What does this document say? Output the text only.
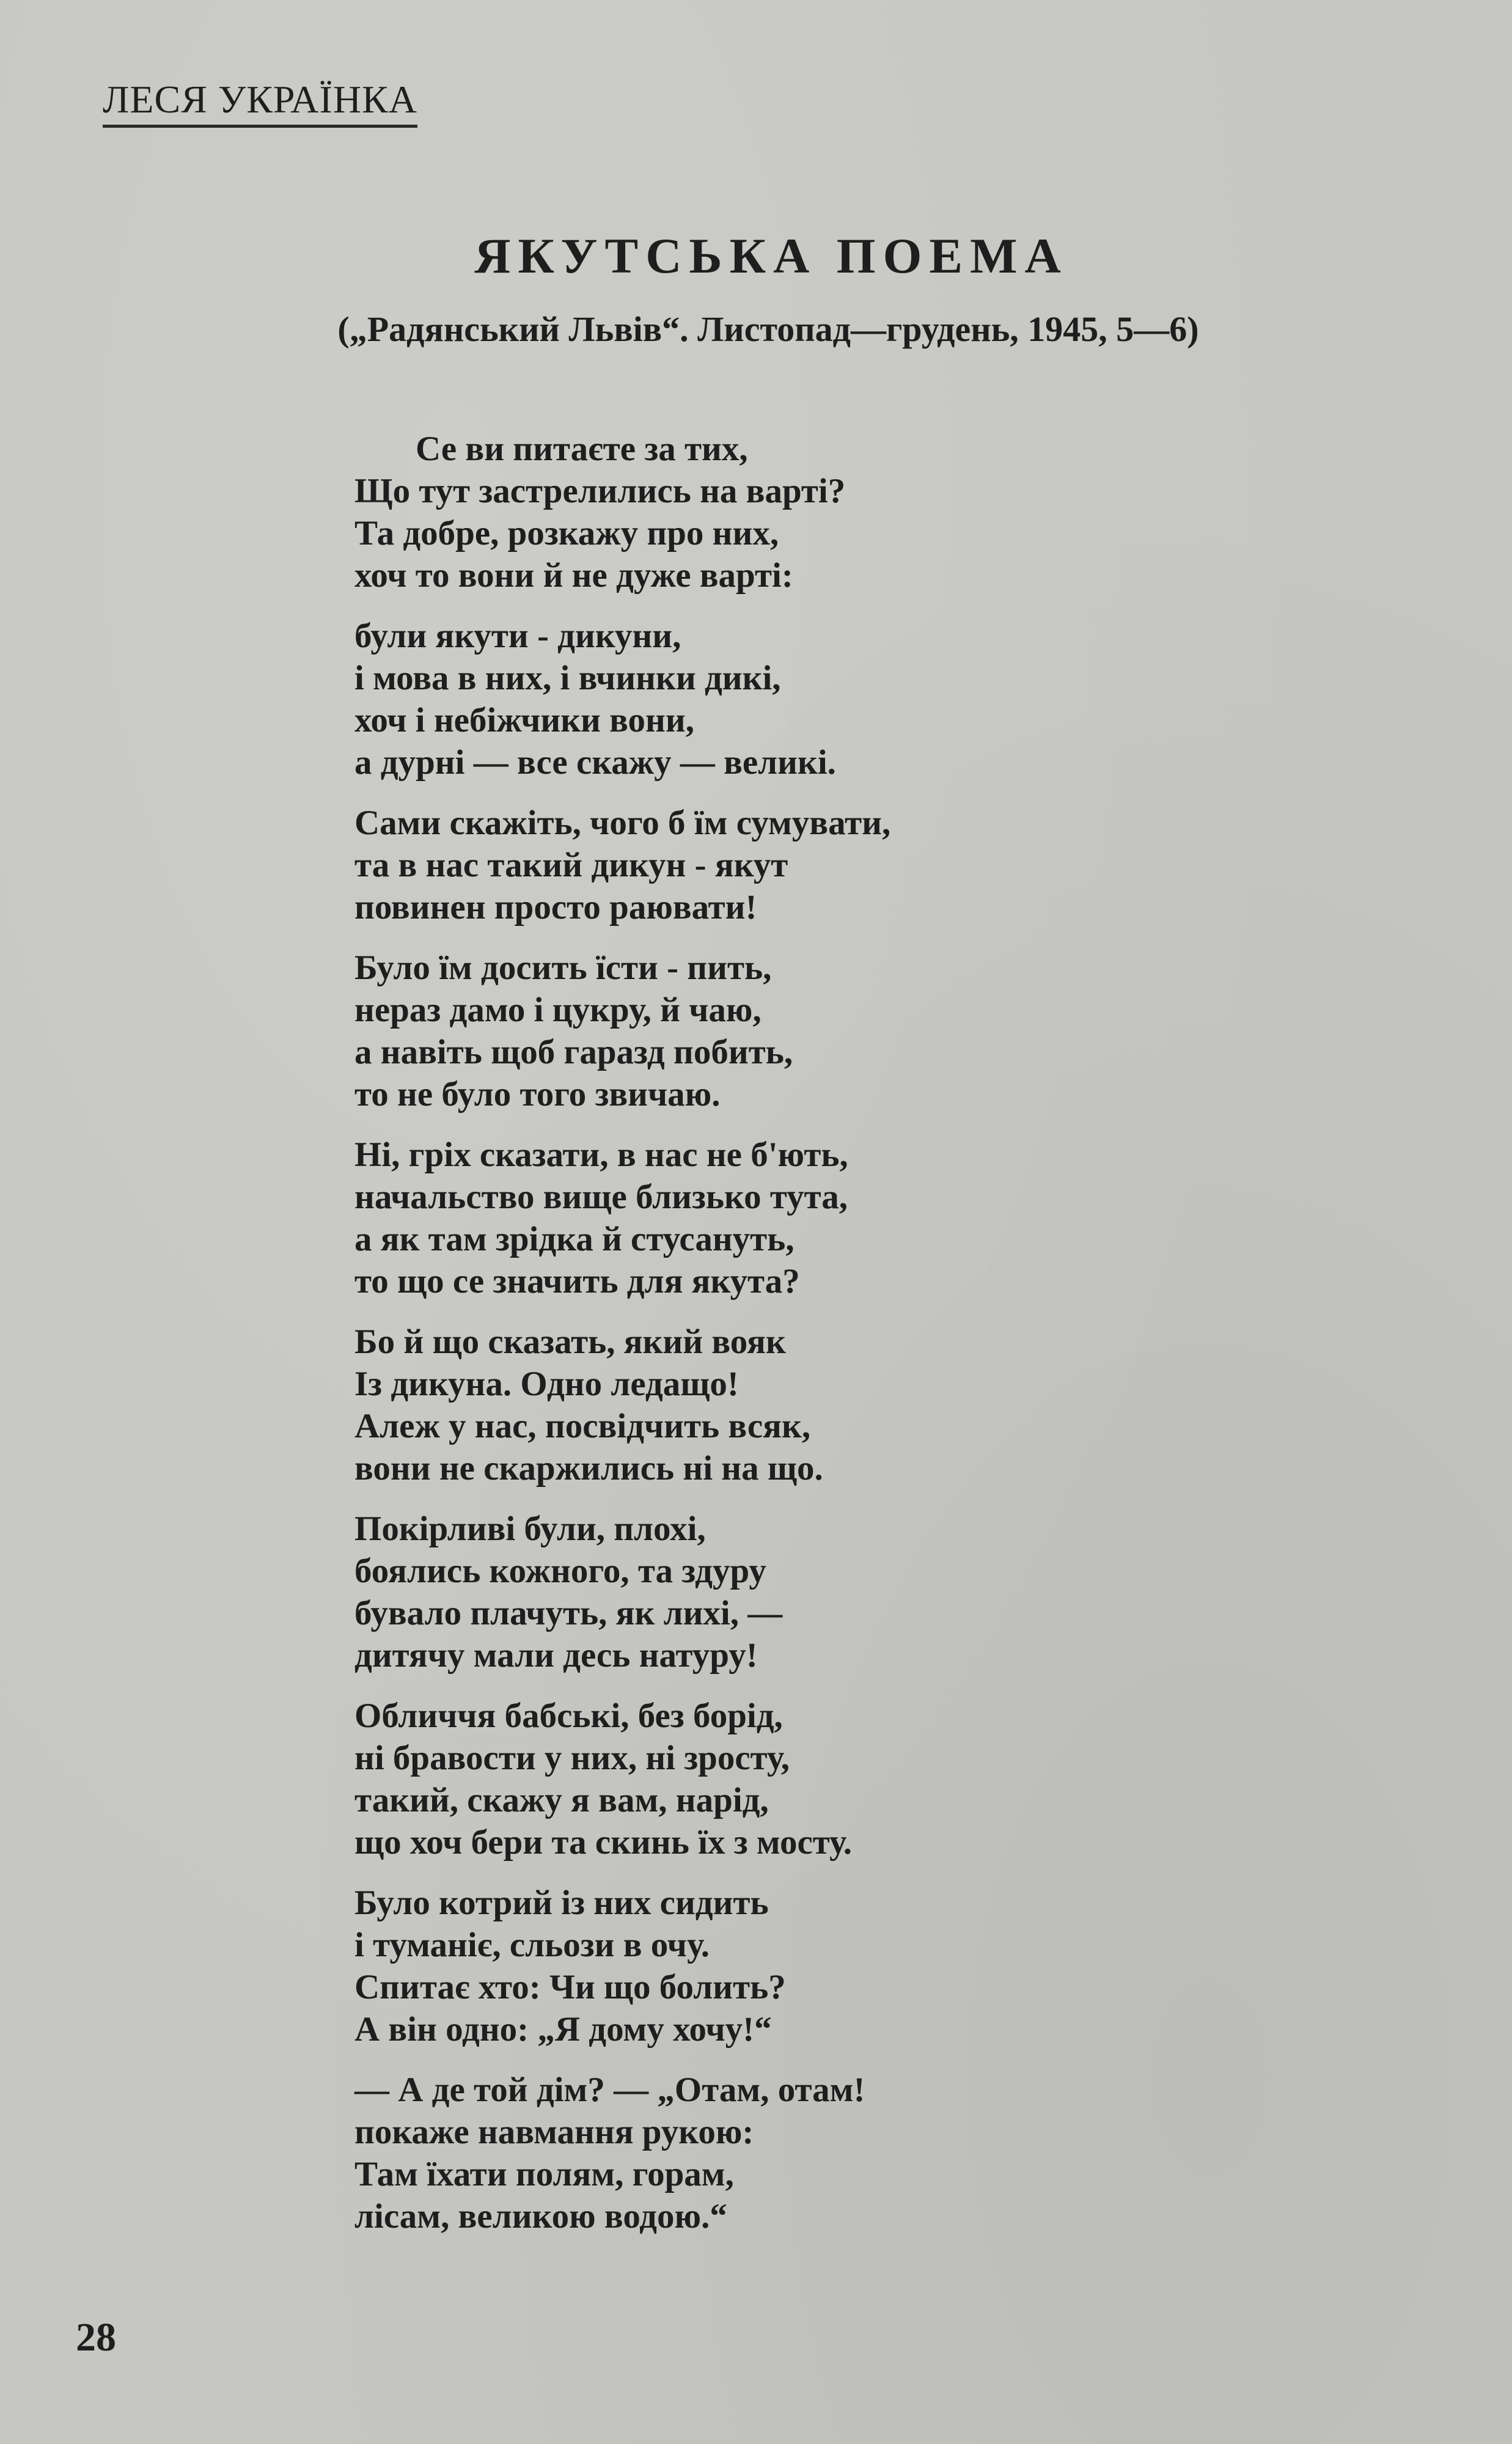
ЛЕСЯ УКРАЇНКА
ЯКУТСЬКА ПОЕМА
(„Радянський Львів“. Листопад—грудень, 1945, 5—6)
Се ви питаєте за тих,
Що тут застрелились на варті?
Та добре, розкажу про них,
хоч то вони й не дуже варті:
були якути - дикуни,
і мова в них, і вчинки дикі,
хоч і небіжчики вони,
а дурні — все скажу — великі.
Сами скажіть, чого б їм сумувати,
та в нас такий дикун - якут
повинен просто раювати!
Було їм досить їсти - пить,
нераз дамо і цукру, й чаю,
а навіть щоб гаразд побить,
то не було того звичаю.
Ні, гріх сказати, в нас не б'ють,
начальство вище близько тута,
а як там зрідка й стусануть,
то що се значить для якута?
Бо й що сказать, який вояк
Із дикуна. Одно ледащо!
Алеж у нас, посвідчить всяк,
вони не скаржились ні на що.
Покірливі були, плохі,
боялись кожного, та здуру
бувало плачуть, як лихі, —
дитячу мали десь натуру!
Обличчя бабські, без борід,
ні бравости у них, ні зросту,
такий, скажу я вам, нарід,
що хоч бери та скинь їх з мосту.
Було котрий із них сидить
і туманіє, сльози в очу.
Спитає хто: Чи що болить?
А він одно: „Я дому хочу!“
— А де той дім? — „Отам, отам!
покаже навмання рукою:
Там їхати полям, горам,
лісам, великою водою.“
28
